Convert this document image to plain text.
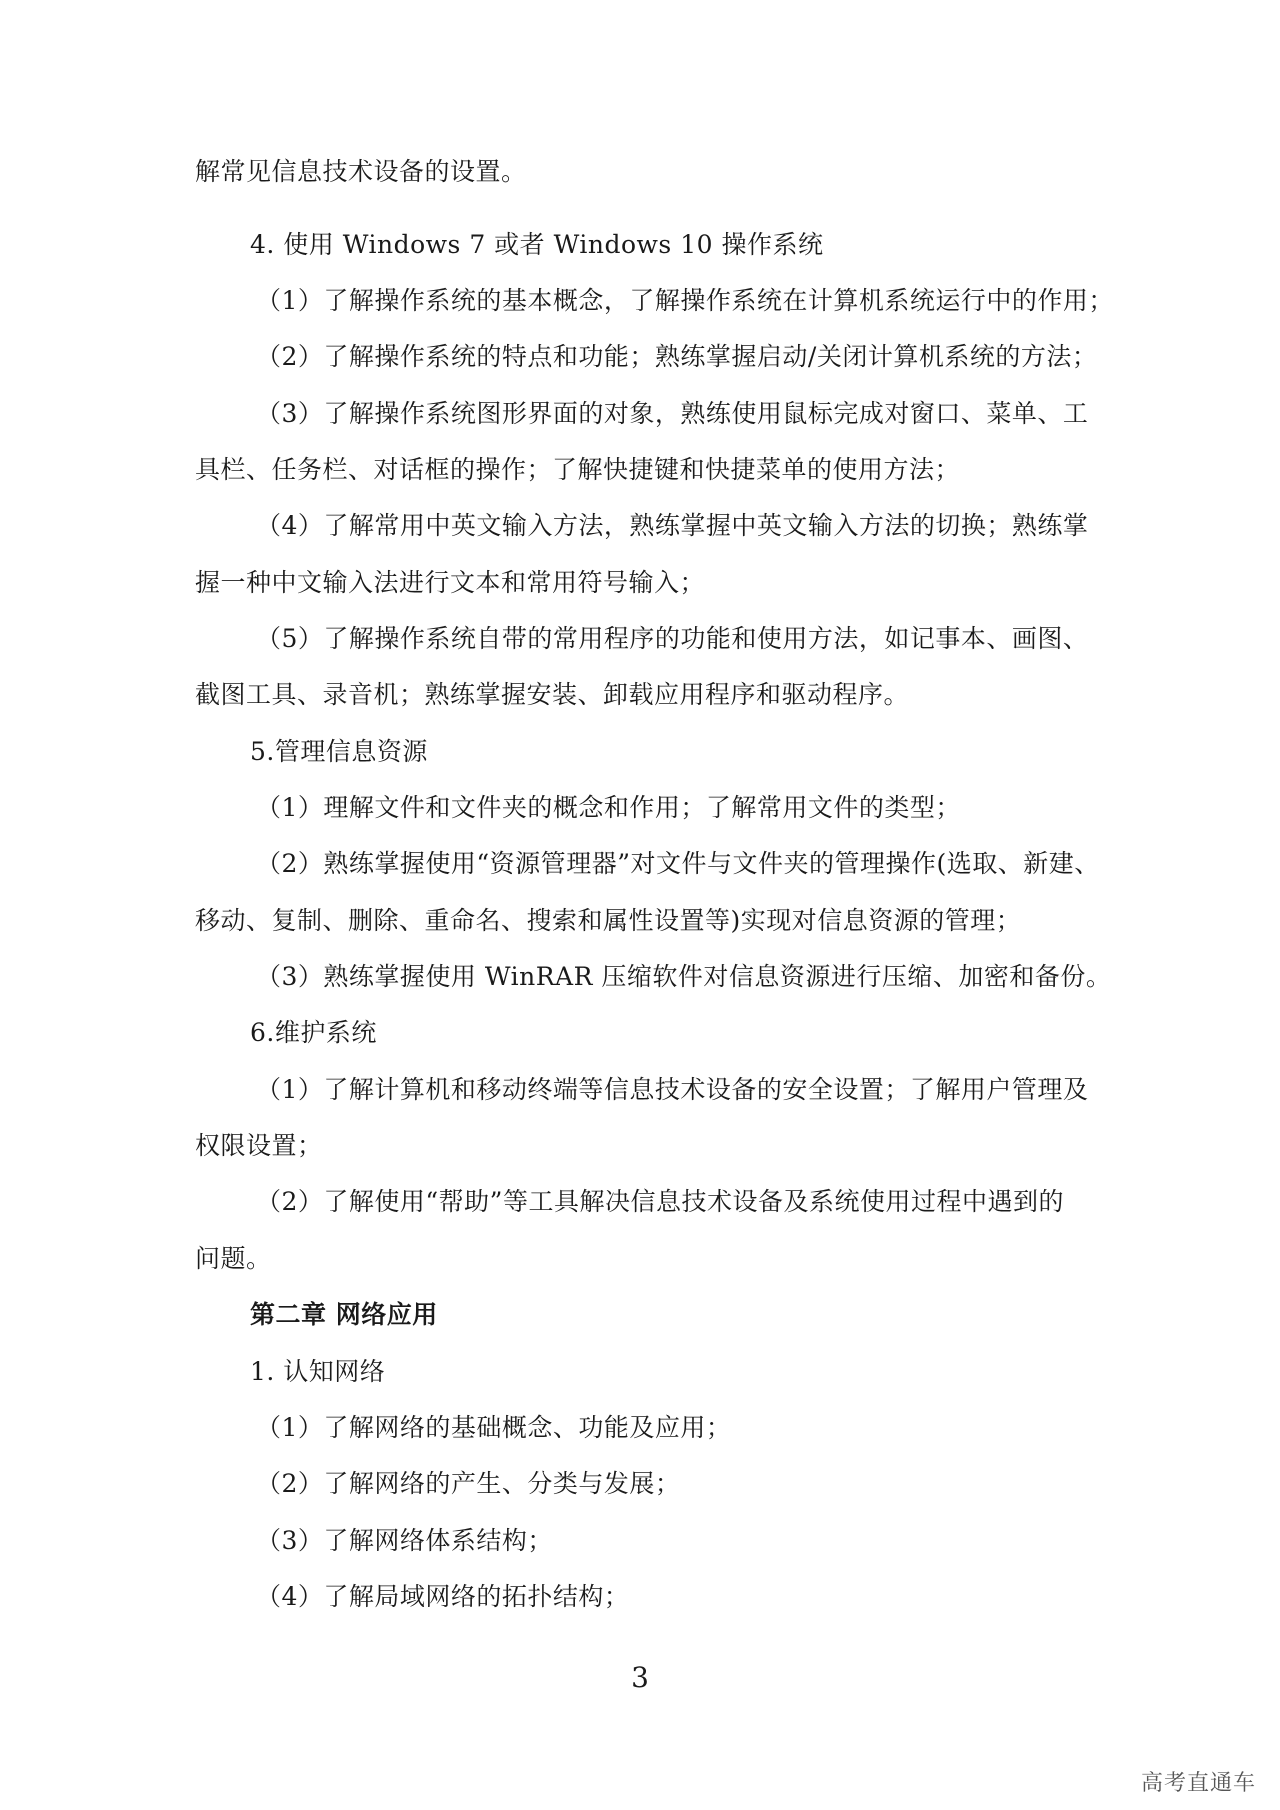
解常见信息技术设备的设置。
4. 使用 Windows 7 或者 Windows 10 操作系统
（1）了解操作系统的基本概念，了解操作系统在计算机系统运行中的作用；
（2）了解操作系统的特点和功能；熟练掌握启动/关闭计算机系统的方法；
（3）了解操作系统图形界面的对象，熟练使用鼠标完成对窗口、菜单、工
具栏、任务栏、对话框的操作；了解快捷键和快捷菜单的使用方法；
（4）了解常用中英文输入方法，熟练掌握中英文输入方法的切换；熟练掌
握一种中文输入法进行文本和常用符号输入；
（5）了解操作系统自带的常用程序的功能和使用方法，如记事本、画图、
截图工具、录音机；熟练掌握安装、卸载应用程序和驱动程序。
5.管理信息资源
（1）理解文件和文件夹的概念和作用；了解常用文件的类型；
（2）熟练掌握使用“资源管理器”对文件与文件夹的管理操作(选取、新建、
移动、复制、删除、重命名、搜索和属性设置等)实现对信息资源的管理；
（3）熟练掌握使用 WinRAR 压缩软件对信息资源进行压缩、加密和备份。
6.维护系统
（1）了解计算机和移动终端等信息技术设备的安全设置；了解用户管理及
权限设置；
（2）了解使用“帮助”等工具解决信息技术设备及系统使用过程中遇到的
问题。
第二章 网络应用
1. 认知网络
（1）了解网络的基础概念、功能及应用；
（2）了解网络的产生、分类与发展；
（3）了解网络体系结构；
（4）了解局域网络的拓扑结构；
3
高考直通车
